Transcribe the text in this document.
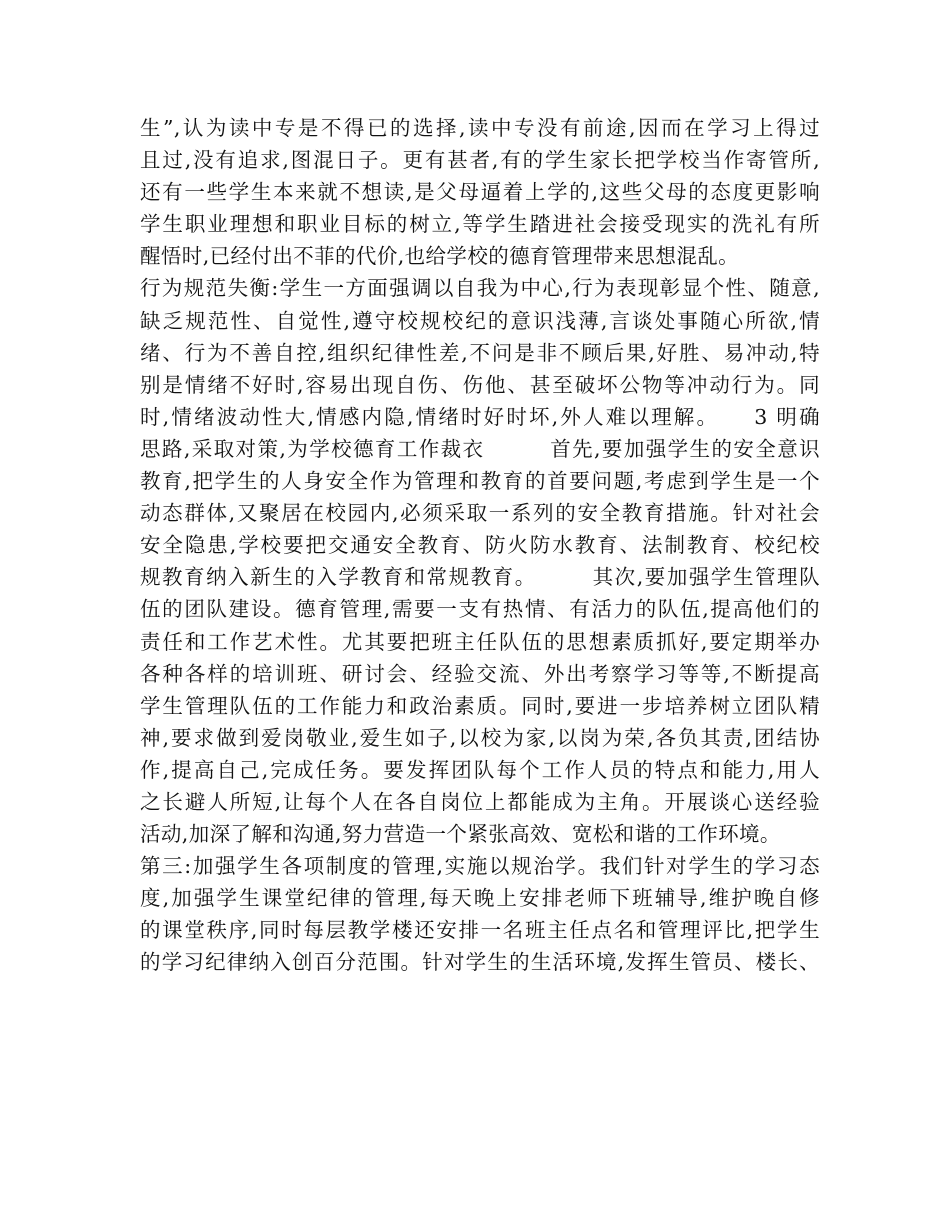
生”,认为读中专是不得已的选择,读中专没有前途,因而在学习上得过
且过,没有追求,图混日子。更有甚者,有的学生家长把学校当作寄管所,
还有一些学生本来就不想读,是父母逼着上学的,这些父母的态度更影响
学生职业理想和职业目标的树立,等学生踏进社会接受现实的洗礼有所
醒悟时,已经付出不菲的代价,也给学校的德育管理带来思想混乱。
行为规范失衡:学生一方面强调以自我为中心,行为表现彰显个性、随意,
缺乏规范性、自觉性,遵守校规校纪的意识浅薄,言谈处事随心所欲,情
绪、行为不善自控,组织纪律性差,不问是非不顾后果,好胜、易冲动,特
别是情绪不好时,容易出现自伤、伤他、甚至破坏公物等冲动行为。同
时,情绪波动性大,情感内隐,情绪时好时坏,外人难以理解。　　3 明确
思路,采取对策,为学校德育工作裁衣　　　首先,要加强学生的安全意识
教育,把学生的人身安全作为管理和教育的首要问题,考虑到学生是一个
动态群体,又聚居在校园内,必须采取一系列的安全教育措施。针对社会
安全隐患,学校要把交通安全教育、防火防水教育、法制教育、校纪校
规教育纳入新生的入学教育和常规教育。　　　其次,要加强学生管理队
伍的团队建设。德育管理,需要一支有热情、有活力的队伍,提高他们的
责任和工作艺术性。尤其要把班主任队伍的思想素质抓好,要定期举办
各种各样的培训班、研讨会、经验交流、外出考察学习等等,不断提高
学生管理队伍的工作能力和政治素质。同时,要进一步培养树立团队精
神,要求做到爱岗敬业,爱生如子,以校为家,以岗为荣,各负其责,团结协
作,提高自己,完成任务。要发挥团队每个工作人员的特点和能力,用人
之长避人所短,让每个人在各自岗位上都能成为主角。开展谈心送经验
活动,加深了解和沟通,努力营造一个紧张高效、宽松和谐的工作环境。
第三:加强学生各项制度的管理,实施以规治学。我们针对学生的学习态
度,加强学生课堂纪律的管理,每天晚上安排老师下班辅导,维护晚自修
的课堂秩序,同时每层教学楼还安排一名班主任点名和管理评比,把学生
的学习纪律纳入创百分范围。针对学生的生活环境,发挥生管员、楼长、
